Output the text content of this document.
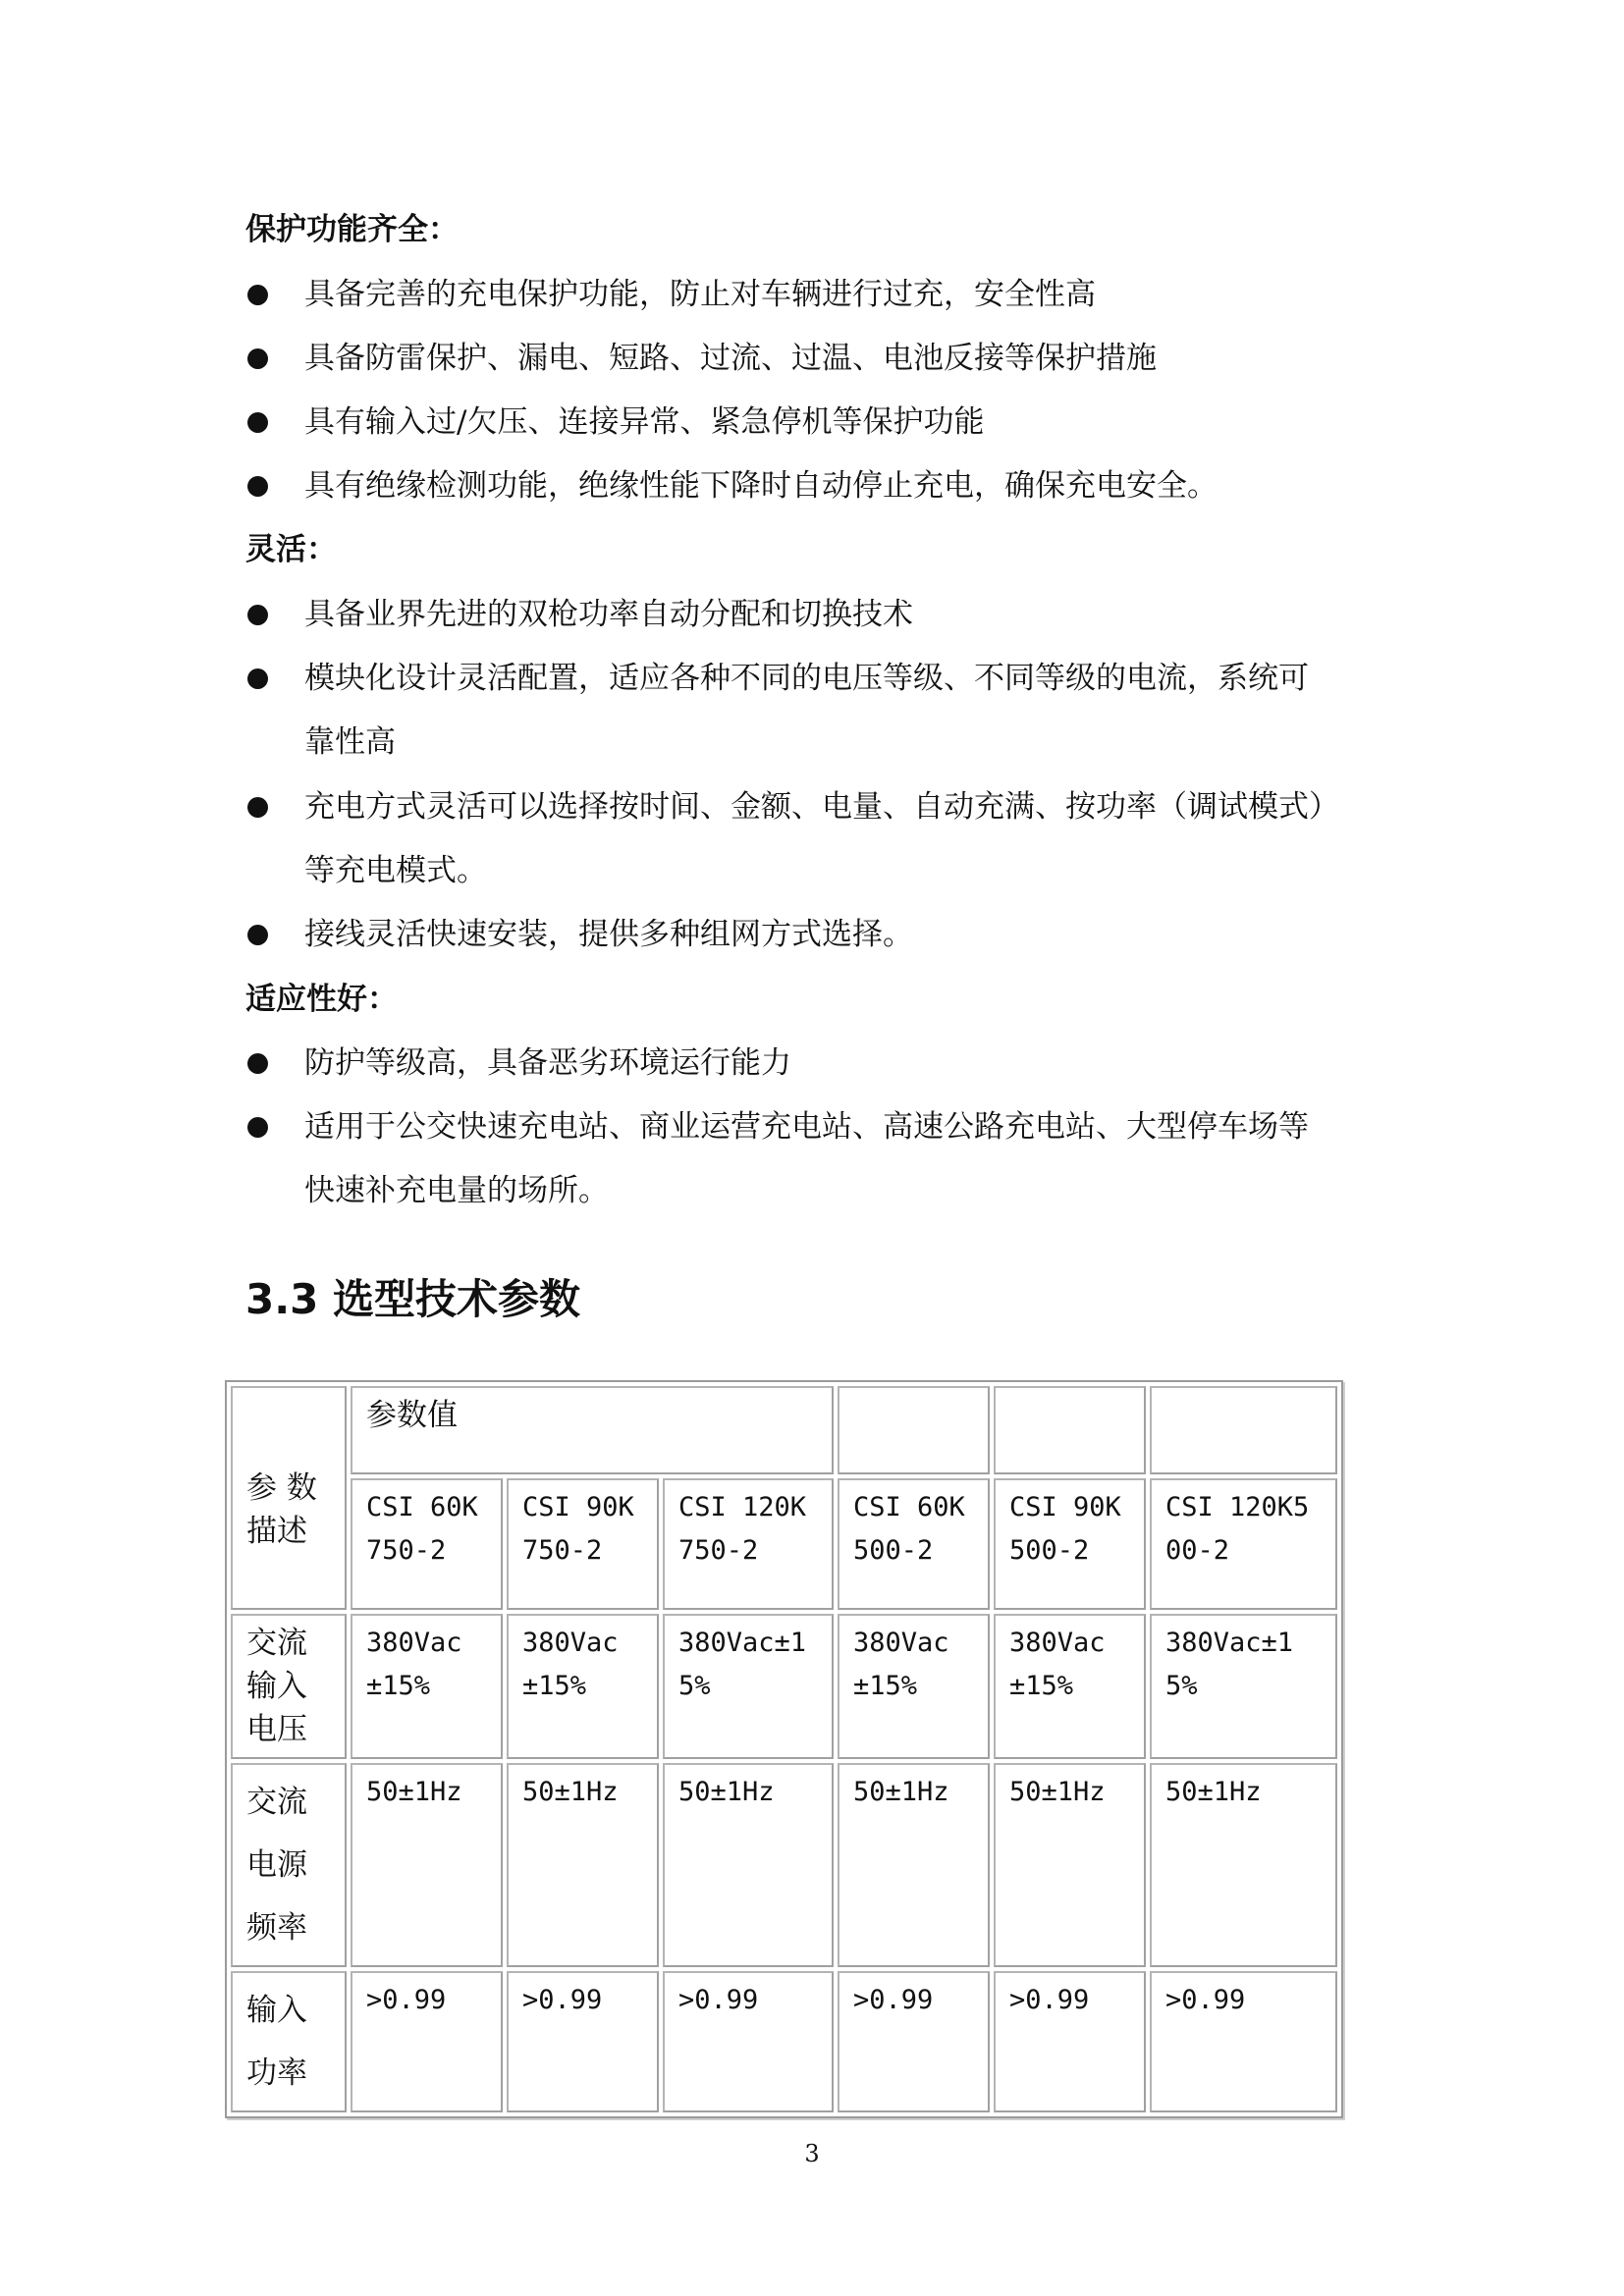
保护功能齐全：
具备完善的充电保护功能，防止对车辆进行过充，安全性高
具备防雷保护、漏电、短路、过流、过温、电池反接等保护措施
具有输入过/欠压、连接异常、紧急停机等保护功能
具有绝缘检测功能，绝缘性能下降时自动停止充电，确保充电安全。
灵活：
具备业界先进的双枪功率自动分配和切换技术
模块化设计灵活配置，适应各种不同的电压等级、不同等级的电流，系统可
靠性高
充电方式灵活可以选择按时间、金额、电量、自动充满、按功率（调试模式）
等充电模式。
接线灵活快速安装，提供多种组网方式选择。
适应性好：
防护等级高，具备恶劣环境运行能力
适用于公交快速充电站、商业运营充电站、高速公路充电站、大型停车场等
快速补充电量的场所。
3.3 选型技术参数
参 数描述	参数值					
	CSI 60K750-2	CSI 90K750-2	CSI 120K750-2	CSI 60K500-2	CSI 90K500-2	CSI 120K500-2
交流输入电压	380Vac±15%	380Vac±15%	380Vac±15%	380Vac±15%	380Vac±15%	380Vac±15%
交流电源频率	50±1Hz	50±1Hz	50±1Hz	50±1Hz	50±1Hz	50±1Hz
输入功率	>0.99	>0.99	>0.99	>0.99	>0.99	>0.99
3
